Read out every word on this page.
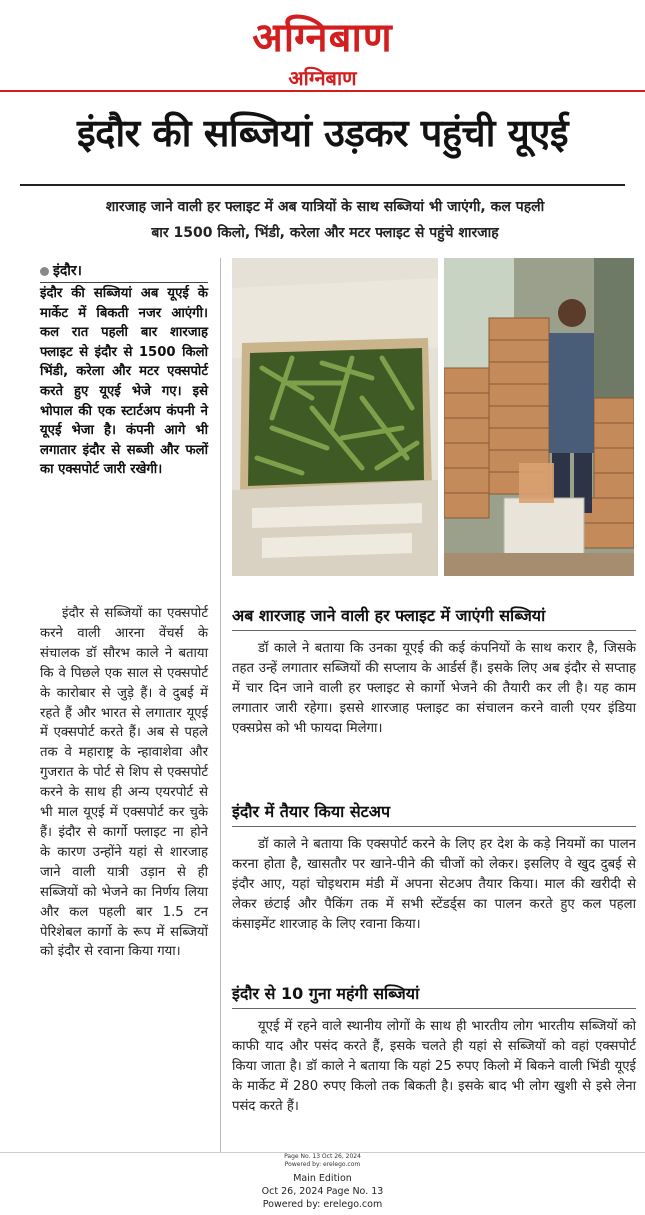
अग्निबाण
अग्निबाण
इंदौर की सब्जियां उड़कर पहुंची यूएई
शारजाह जाने वाली हर फ्लाइट में अब यात्रियों के साथ सब्जियां भी जाएंगी, कल पहली
बार 1500 किलो, भिंडी, करेला और मटर फ्लाइट से पहुंचे शारजाह
इंदौर।
इंदौर की सब्जियां अब यूएई के मार्केट में बिकती नजर आएंगी। कल रात पहली बार शारजाह फ्लाइट से इंदौर से 1500 किलो भिंडी, करेला और मटर एक्सपोर्ट करते हुए यूएई भेजे गए। इसे भोपाल की एक स्टार्टअप कंपनी ने यूएई भेजा है। कंपनी आगे भी लगातार इंदौर से सब्जी और फलों का एक्सपोर्ट जारी रखेगी।

इंदौर से सब्जियों का एक्सपोर्ट करने वाली आरना वेंचर्स के संचालक डॉ सौरभ काले ने बताया कि वे पिछले एक साल से एक्सपोर्ट के कारोबार से जुड़े हैं। वे दुबई में रहते हैं और भारत से लगातार यूएई में एक्सपोर्ट करते हैं। अब से पहले तक वे महाराष्ट्र के न्हावाशेवा और गुजरात के पोर्ट से शिप से एक्सपोर्ट करने के साथ ही अन्य एयरपोर्ट से भी माल यूएई में एक्सपोर्ट कर चुके हैं। इंदौर से कार्गो फ्लाइट ना होने के कारण उन्होंने यहां से शारजाह जाने वाली यात्री उड़ान से ही सब्जियों को भेजने का निर्णय लिया और कल पहली बार 1.5 टन पेरिशेबल कार्गो के रूप में सब्जियों को इंदौर से रवाना किया गया।

अब शारजाह जाने वाली हर फ्लाइट में जाएंगी सब्जियां

डॉ काले ने बताया कि उनका यूएई की कई कंपनियों के साथ करार है, जिसके तहत उन्हें लगातार सब्जियों की सप्लाय के आर्डर्स हैं। इसके लिए अब इंदौर से सप्ताह में चार दिन जाने वाली हर फ्लाइट से कार्गो भेजने की तैयारी कर ली है। यह काम लगातार जारी रहेगा। इससे शारजाह फ्लाइट का संचालन करने वाली एयर इंडिया एक्सप्रेस को भी फायदा मिलेगा।

इंदौर में तैयार किया सेटअप

डॉ काले ने बताया कि एक्सपोर्ट करने के लिए हर देश के कड़े नियमों का पालन करना होता है, खासतौर पर खाने-पीने की चीजों को लेकर। इसलिए वे खुद दुबई से इंदौर आए, यहां चोइथराम मंडी में अपना सेटअप तैयार किया। माल की खरीदी से लेकर छंटाई और पैकिंग तक में सभी स्टेंडर्ड्स का पालन करते हुए कल पहला कंसाइमेंट शारजाह के लिए रवाना किया।

इंदौर से 10 गुना महंगी सब्जियां

यूएई में रहने वाले स्थानीय लोगों के साथ ही भारतीय लोग भारतीय सब्जियों को काफी याद और पसंद करते हैं, इसके चलते ही यहां से सब्जियों को वहां एक्सपोर्ट किया जाता है। डॉ काले ने बताया कि यहां 25 रुपए किलो में बिकने वाली भिंडी यूएई के मार्केट में 280 रुपए किलो तक बिकती है। इसके बाद भी लोग खुशी से इसे लेना पसंद करते हैं।

Page No. 13 Oct 26, 2024
Powered by: erelego.com
Main Edition
Oct 26, 2024 Page No. 13
Powered by: erelego.com
